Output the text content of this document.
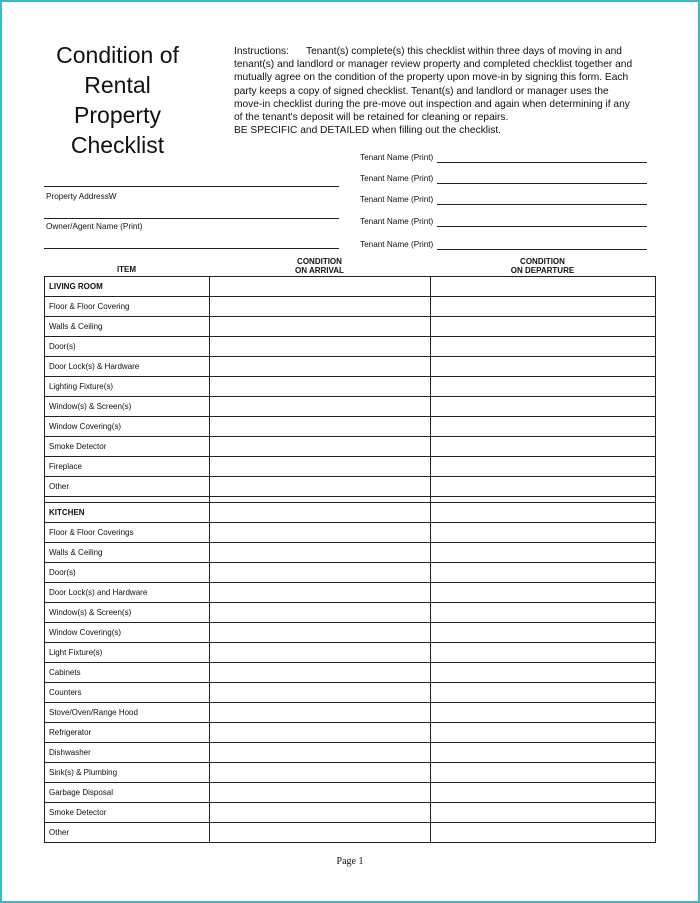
Condition of
Rental
Property
Checklist
Instructions: Tenant(s) complete(s) this checklist within three days of moving in and
tenant(s) and landlord or manager review property and completed checklist together and
mutually agree on the condition of the property upon move-in by signing this form. Each
party keeps a copy of signed checklist. Tenant(s) and landlord or manager uses the
move-in checklist during the pre-move out inspection and again when determining if any
of the tenant's deposit will be retained for cleaning or repairs.
BE SPECIFIC and DETAILED when filling out the checklist.
Tenant Name (Print)
Tenant Name (Print)
Tenant Name (Print)
Tenant Name (Print)
Tenant Name (Print)
Property AddressW
Owner/Agent Name (Print)
ITEM
CONDITION
ON ARRIVAL
CONDITION
ON DEPARTURE
LIVING ROOM		
Floor & Floor Covering		
Walls & Ceiling		
Door(s)		
Door Lock(s) & Hardware		
Lighting Fixture(s)		
Window(s) & Screen(s)		
Window Covering(s)		
Smoke Detector		
Fireplace		
Other		

KITCHEN		
Floor & Floor Coverings		
Walls & Ceiling		
Door(s)		
Door Lock(s) and Hardware		
Window(s) & Screen(s)		
Window Covering(s)		
Light Fixture(s)		
Cabinets		
Counters		
Stove/Oven/Range Hood		
Refrigerator		
Dishwasher		
Sink(s) & Plumbing		
Garbage Disposal		
Smoke Detector		
Other		
Page 1
